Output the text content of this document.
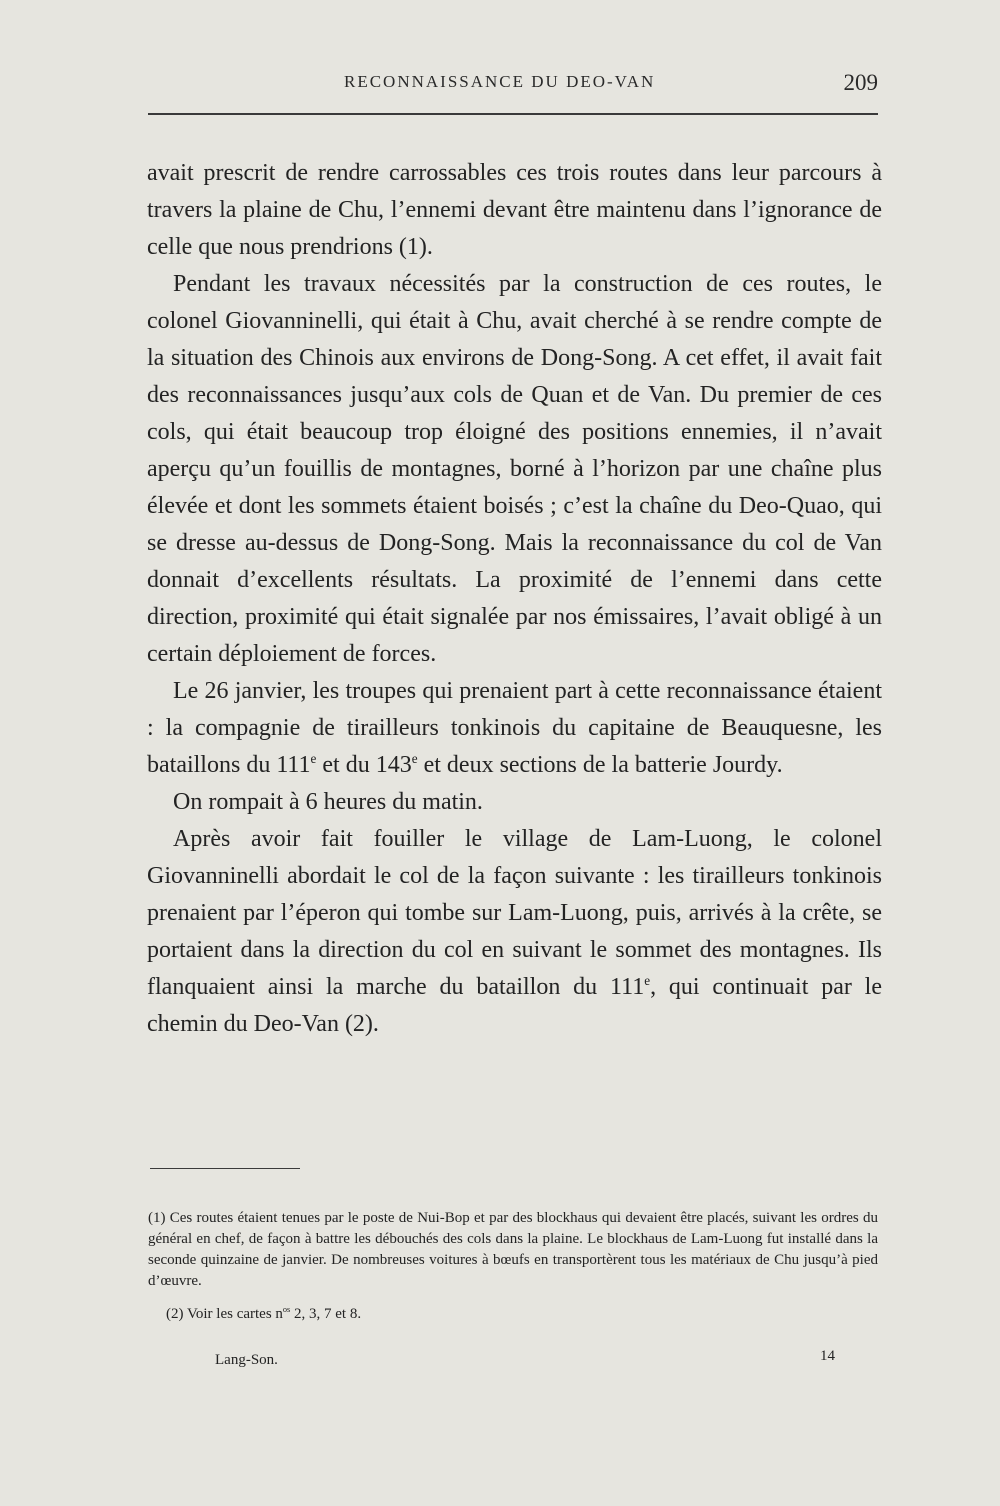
RECONNAISSANCE DU DEO-VAN	209

avait prescrit de rendre carrossables ces trois routes dans leur parcours à travers la plaine de Chu, l’ennemi devant être maintenu dans l’ignorance de celle que nous prendrions (1).

Pendant les travaux nécessités par la construction de ces routes, le colonel Giovanninelli, qui était à Chu, avait cherché à se rendre compte de la situation des Chinois aux environs de Dong-Song. A cet effet, il avait fait des reconnaissances jusqu’aux cols de Quan et de Van. Du premier de ces cols, qui était beaucoup trop éloigné des positions ennemies, il n’avait aperçu qu’un fouillis de montagnes, borné à l’horizon par une chaîne plus élevée et dont les sommets étaient boisés ; c’est la chaîne du Deo-Quao, qui se dresse au-dessus de Dong-Song. Mais la reconnaissance du col de Van donnait d’excellents résultats. La proximité de l’ennemi dans cette direction, proximité qui était signalée par nos émissaires, l’avait obligé à un certain déploiement de forces.

Le 26 janvier, les troupes qui prenaient part à cette reconnaissance étaient : la compagnie de tirailleurs tonkinois du capitaine de Beauquesne, les bataillons du 111e et du 143e et deux sections de la batterie Jourdy.

On rompait à 6 heures du matin.

Après avoir fait fouiller le village de Lam-Luong, le colonel Giovanninelli abordait le col de la façon suivante : les tirailleurs tonkinois prenaient par l’éperon qui tombe sur Lam-Luong, puis, arrivés à la crête, se portaient dans la direction du col en suivant le sommet des montagnes. Ils flanquaient ainsi la marche du bataillon du 111e, qui continuait par le chemin du Deo-Van (2).

(1) Ces routes étaient tenues par le poste de Nui-Bop et par des blockhaus qui devaient être placés, suivant les ordres du général en chef, de façon à battre les débouchés des cols dans la plaine. Le blockhaus de Lam-Luong fut installé dans la seconde quinzaine de janvier. De nombreuses voitures à bœufs en transportèrent tous les matériaux de Chu jusqu’à pied d’œuvre.

(2) Voir les cartes $n^{os}$ 2, 3, 7 et 8.

Lang-Son.	14
